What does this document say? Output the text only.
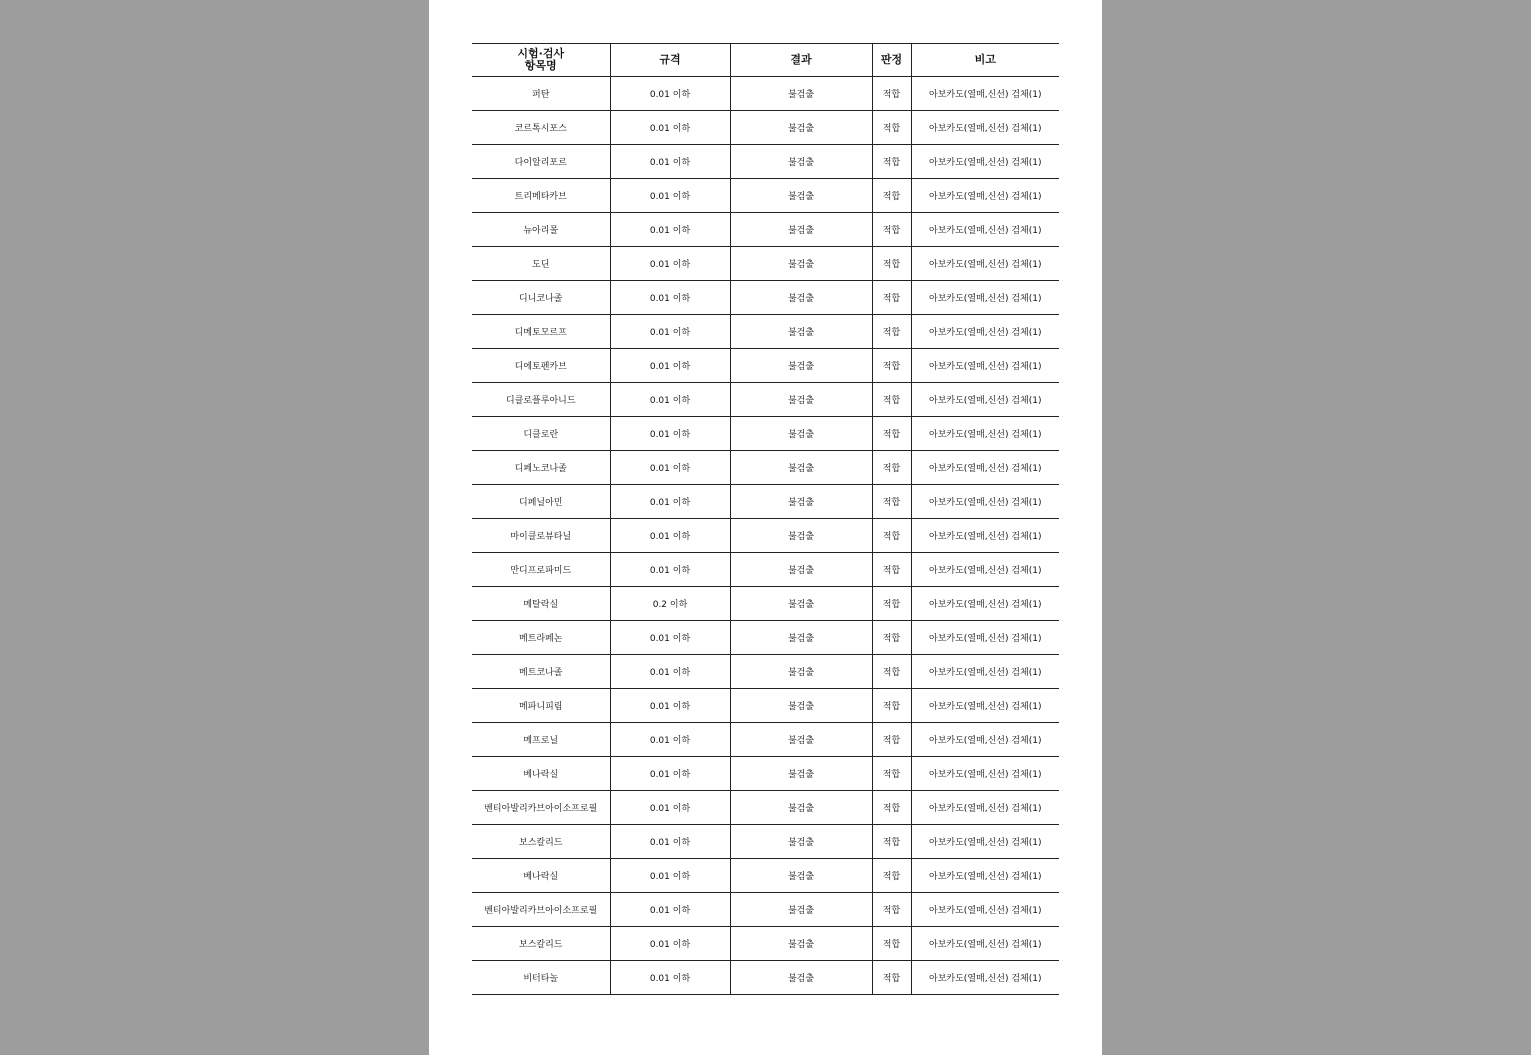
시험·검사
항목명	규격	결과	판정	비고
퍼탄	0.01 이하	불검출	적합	아보카도(열매,신선) 검체(1)
코르톡시포스	0.01 이하	불검출	적합	아보카도(열매,신선) 검체(1)
다이알리포르	0.01 이하	불검출	적합	아보카도(열매,신선) 검체(1)
트리메타카브	0.01 이하	불검출	적합	아보카도(열매,신선) 검체(1)
뉴아리몰	0.01 이하	불검출	적합	아보카도(열매,신선) 검체(1)
도딘	0.01 이하	불검출	적합	아보카도(열매,신선) 검체(1)
디니코나졸	0.01 이하	불검출	적합	아보카도(열매,신선) 검체(1)
디메토모르프	0.01 이하	불검출	적합	아보카도(열매,신선) 검체(1)
디에토펜카브	0.01 이하	불검출	적합	아보카도(열매,신선) 검체(1)
디클로플루아니드	0.01 이하	불검출	적합	아보카도(열매,신선) 검체(1)
디클로란	0.01 이하	불검출	적합	아보카도(열매,신선) 검체(1)
디페노코나졸	0.01 이하	불검출	적합	아보카도(열매,신선) 검체(1)
디페닐아민	0.01 이하	불검출	적합	아보카도(열매,신선) 검체(1)
마이클로뷰타닐	0.01 이하	불검출	적합	아보카도(열매,신선) 검체(1)
만디프로파미드	0.01 이하	불검출	적합	아보카도(열매,신선) 검체(1)
메탈락실	0.2 이하	불검출	적합	아보카도(열매,신선) 검체(1)
메트라페논	0.01 이하	불검출	적합	아보카도(열매,신선) 검체(1)
메트코나졸	0.01 이하	불검출	적합	아보카도(열매,신선) 검체(1)
메파니피림	0.01 이하	불검출	적합	아보카도(열매,신선) 검체(1)
메프로닐	0.01 이하	불검출	적합	아보카도(열매,신선) 검체(1)
베나락실	0.01 이하	불검출	적합	아보카도(열매,신선) 검체(1)
벤티아발리카브아이소프로필	0.01 이하	불검출	적합	아보카도(열매,신선) 검체(1)
보스칼리드	0.01 이하	불검출	적합	아보카도(열매,신선) 검체(1)
베나락실	0.01 이하	불검출	적합	아보카도(열매,신선) 검체(1)
벤티아발리카브아이소프로필	0.01 이하	불검출	적합	아보카도(열매,신선) 검체(1)
보스칼리드	0.01 이하	불검출	적합	아보카도(열매,신선) 검체(1)
비터타놀	0.01 이하	불검출	적합	아보카도(열매,신선) 검체(1)
